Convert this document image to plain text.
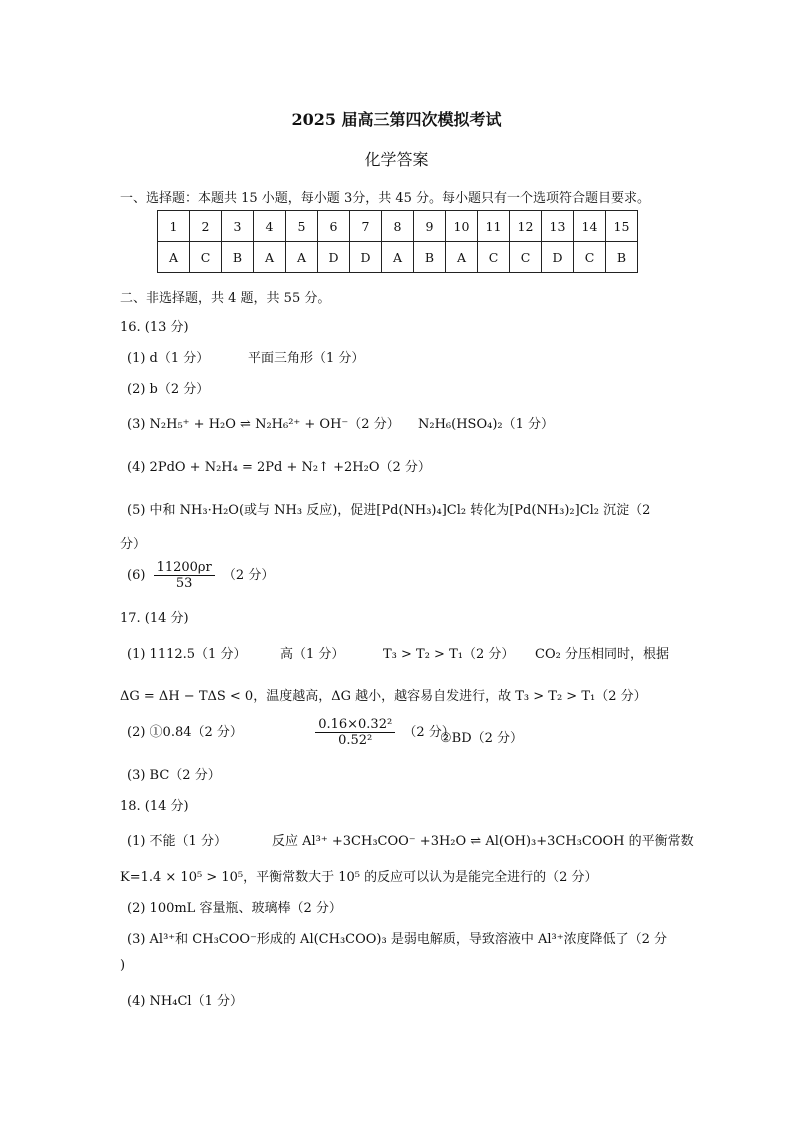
2025 届高三第四次模拟考试
化学答案
一、选择题：本题共 15 小题，每小题 3分，共 45 分。每小题只有一个选项符合题目要求。
1	2	3	4	5	6	7	8	9	10	11	12	13	14	15
A	C	B	A	A	D	D	A	B	A	C	C	D	C	B
二、非选择题，共 4 题，共 55 分。
16. (13 分)
(1) d（1 分）	平面三角形（1 分）
(2) b（2 分）
(3) N₂H₅⁺ + H₂O ⇌ N₂H₆²⁺ + OH⁻（2 分） N₂H₆(HSO₄)₂（1 分）
(4) 2PdO + N₂H₄ = 2Pd + N₂↑ +2H₂O（2 分）
(5) 中和 NH₃·H₂O(或与 NH₃ 反应)，促进[Pd(NH₃)₄]Cl₂ 转化为[Pd(NH₃)₂]Cl₂ 沉淀（2
分）
$(6) \frac{11200\rho r}{53} (2$ 分）
17. (14 分)
(1) 1112.5（1 分）	高（1 分）	T₃ > T₂ > T₁（2 分） CO₂ 分压相同时，根据
ΔG = ΔH − TΔS < 0，温度越高，ΔG 越小，越容易自发进行，故 T₃ > T₂ > T₁（2 分）
(2) ①0.84（2 分）	$\frac{\text{0.16×0.32²}}{\text{0.52²}} (2$ 分）
②BD（2 分）
(3) BC（2 分）
18. (14 分)
(1) 不能（1 分）	反应 Al³⁺ +3CH₃COO⁻ +3H₂O ⇌ Al(OH)₃+3CH₃COOH 的平衡常数
K=1.4 × 10⁵ > 10⁵，平衡常数大于 10⁵ 的反应可以认为是能完全进行的（2 分）
(2) 100mL 容量瓶、玻璃棒（2 分）
(3) Al³⁺和 CH₃COO⁻形成的 Al(CH₃COO)₃ 是弱电解质，导致溶液中 Al³⁺浓度降低了（2 分
)
(4) NH₄Cl（1 分）
